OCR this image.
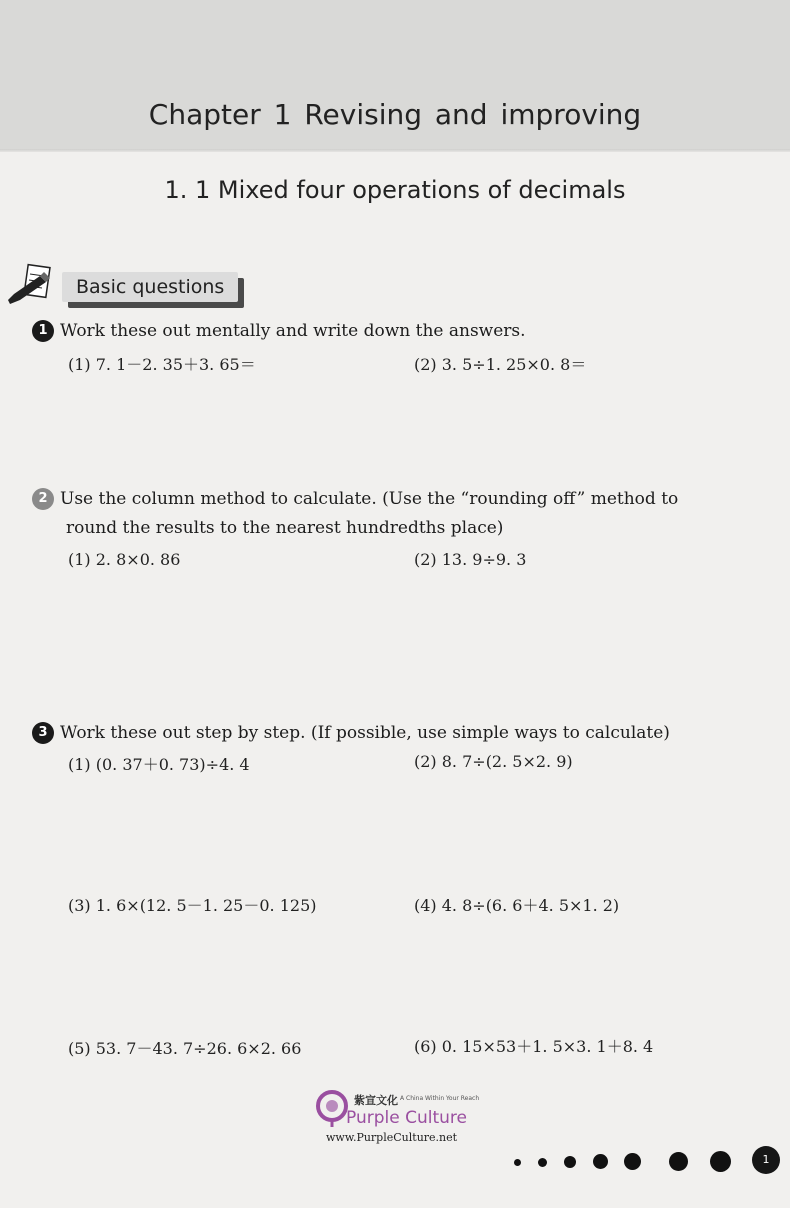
Chapter 1 Revising and improving
1. 1 Mixed four operations of decimals
Basic questions
1 Work these out mentally and write down the answers.
(1) 7. 1－2. 35＋3. 65＝	(2) 3. 5÷1. 25×0. 8＝
2 Use the column method to calculate. (Use the “rounding off” method to
round the results to the nearest hundredths place)
(1) 2. 8×0. 86	(2) 13. 9÷9. 3
3 Work these out step by step. (If possible, use simple ways to calculate)
(1) (0. 37＋0. 73)÷4. 4	(2) 8. 7÷(2. 5×2. 9)
(3) 1. 6×(12. 5－1. 25－0. 125)	(4) 4. 8÷(6. 6＋4. 5×1. 2)
(5) 53. 7－43. 7÷26. 6×2. 66	(6) 0. 15×53＋1. 5×3. 1＋8. 4
紫宣文化 A China Within Your Reach
Purple Culture
www.PurpleCulture.net
1
